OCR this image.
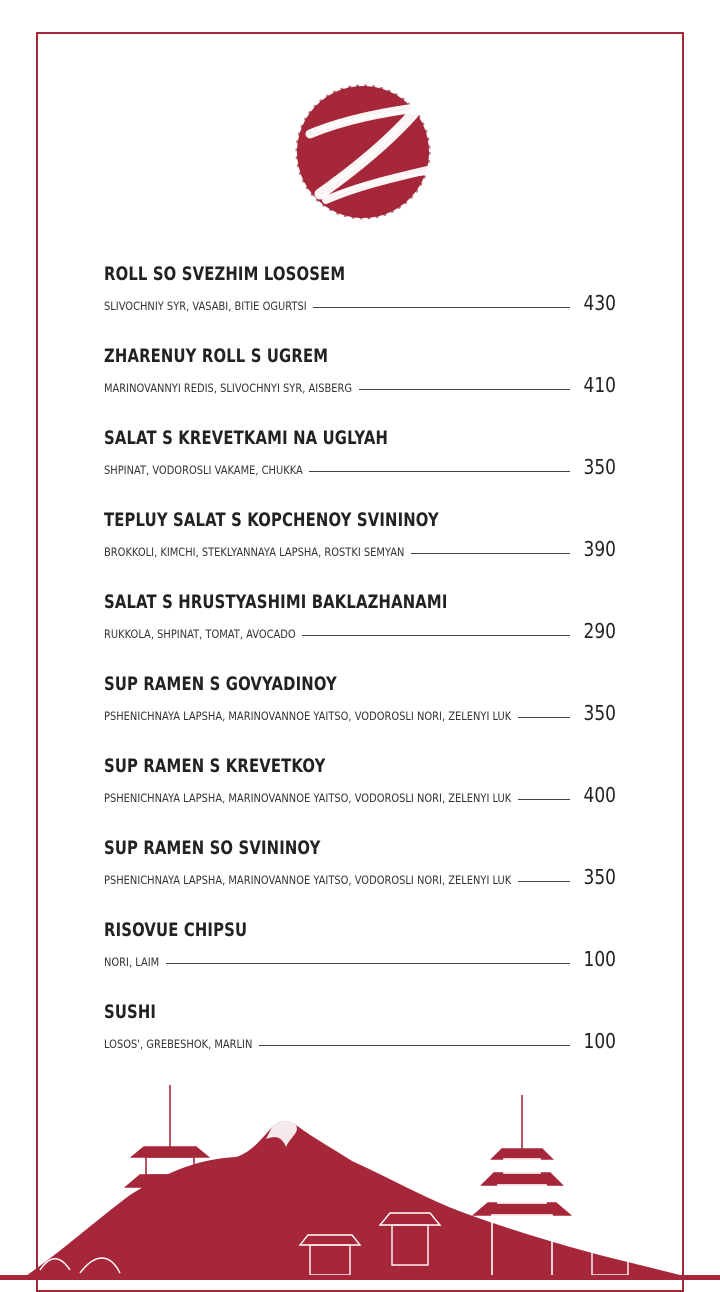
ROLL SO SVEZHIM LOSOSEM
SLIVOCHNIY SYR, VASABI, BITIE OGURTSI	430
ZHARENUY ROLL S UGREM
MARINOVANNYI REDIS, SLIVOCHNYI SYR, AISBERG	410
SALAT S KREVETKAMI NA UGLYAH
SHPINAT, VODOROSLI VAKAME, CHUKKA	350
TEPLUY SALAT S KOPCHENOY SVININOY
BROKKOLI, KIMCHI, STEKLYANNAYA LAPSHA, ROSTKI SEMYAN	390
SALAT S HRUSTYASHIMI BAKLAZHANAMI
RUKKOLA, SHPINAT, TOMAT, AVOCADO	290
SUP RAMEN S GOVYADINOY
PSHENICHNAYA LAPSHA, MARINOVANNOE YAITSO, VODOROSLI NORI, ZELENYI LUK	350
SUP RAMEN S KREVETKOY
PSHENICHNAYA LAPSHA, MARINOVANNOE YAITSO, VODOROSLI NORI, ZELENYI LUK	400
SUP RAMEN SO SVININOY
PSHENICHNAYA LAPSHA, MARINOVANNOE YAITSO, VODOROSLI NORI, ZELENYI LUK	350
RISOVUE CHIPSU
NORI, LAIM	100
SUSHI
LOSOS', GREBESHOK, MARLIN	100
